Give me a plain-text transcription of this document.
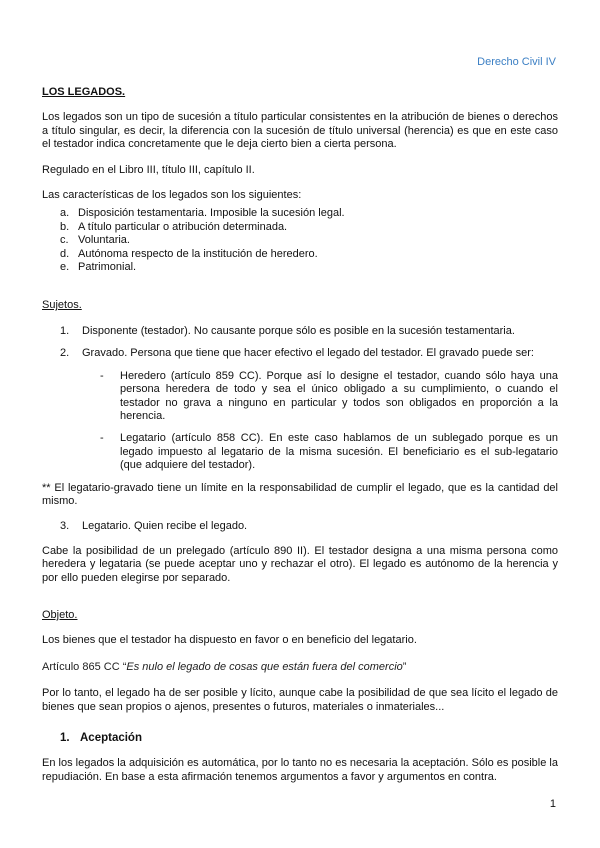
Derecho Civil IV

LOS LEGADOS.

Los legados son un tipo de sucesión a título particular consistentes en la atribución de bienes o derechos a título singular, es decir, la diferencia con la sucesión de título universal (herencia) es que en este caso el testador indica concretamente que le deja cierto bien a cierta persona.

Regulado en el Libro III, título III, capítulo II.

Las características de los legados son los siguientes:

a. Disposición testamentaria. Imposible la sucesión legal.
b. A título particular o atribución determinada.
c. Voluntaria.
d. Autónoma respecto de la institución de heredero.
e. Patrimonial.

Sujetos.

1.	Disponente (testador). No causante porque sólo es posible en la sucesión testamentaria.
2.	Gravado. Persona que tiene que hacer efectivo el legado del testador. El gravado puede ser:
-	Heredero (artículo 859 CC). Porque así lo designe el testador, cuando sólo haya una persona heredera de todo y sea el único obligado a su cumplimiento, o cuando el testador no grava a ninguno en particular y todos son obligados en proporción a la herencia.
-	Legatario (artículo 858 CC). En este caso hablamos de un sublegado porque es un legado impuesto al legatario de la misma sucesión. El beneficiario es el sub-legatario (que adquiere del testador).

** El legatario-gravado tiene un límite en la responsabilidad de cumplir el legado, que es la cantidad del mismo.

3.	Legatario. Quien recibe el legado.

Cabe la posibilidad de un prelegado (artículo 890 II). El testador designa a una misma persona como heredera y legataria (se puede aceptar uno y rechazar el otro). El legado es autónomo de la herencia y por ello pueden elegirse por separado.

Objeto.

Los bienes que el testador ha dispuesto en favor o en beneficio del legatario.

Artículo 865 CC “Es nulo el legado de cosas que están fuera del comercio”

Por lo tanto, el legado ha de ser posible y lícito, aunque cabe la posibilidad de que sea lícito el legado de bienes que sean propios o ajenos, presentes o futuros, materiales o inmateriales...

1. Aceptación

En los legados la adquisición es automática, por lo tanto no es necesaria la aceptación. Sólo es posible la repudiación. En base a esta afirmación tenemos argumentos a favor y argumentos en contra.

1
